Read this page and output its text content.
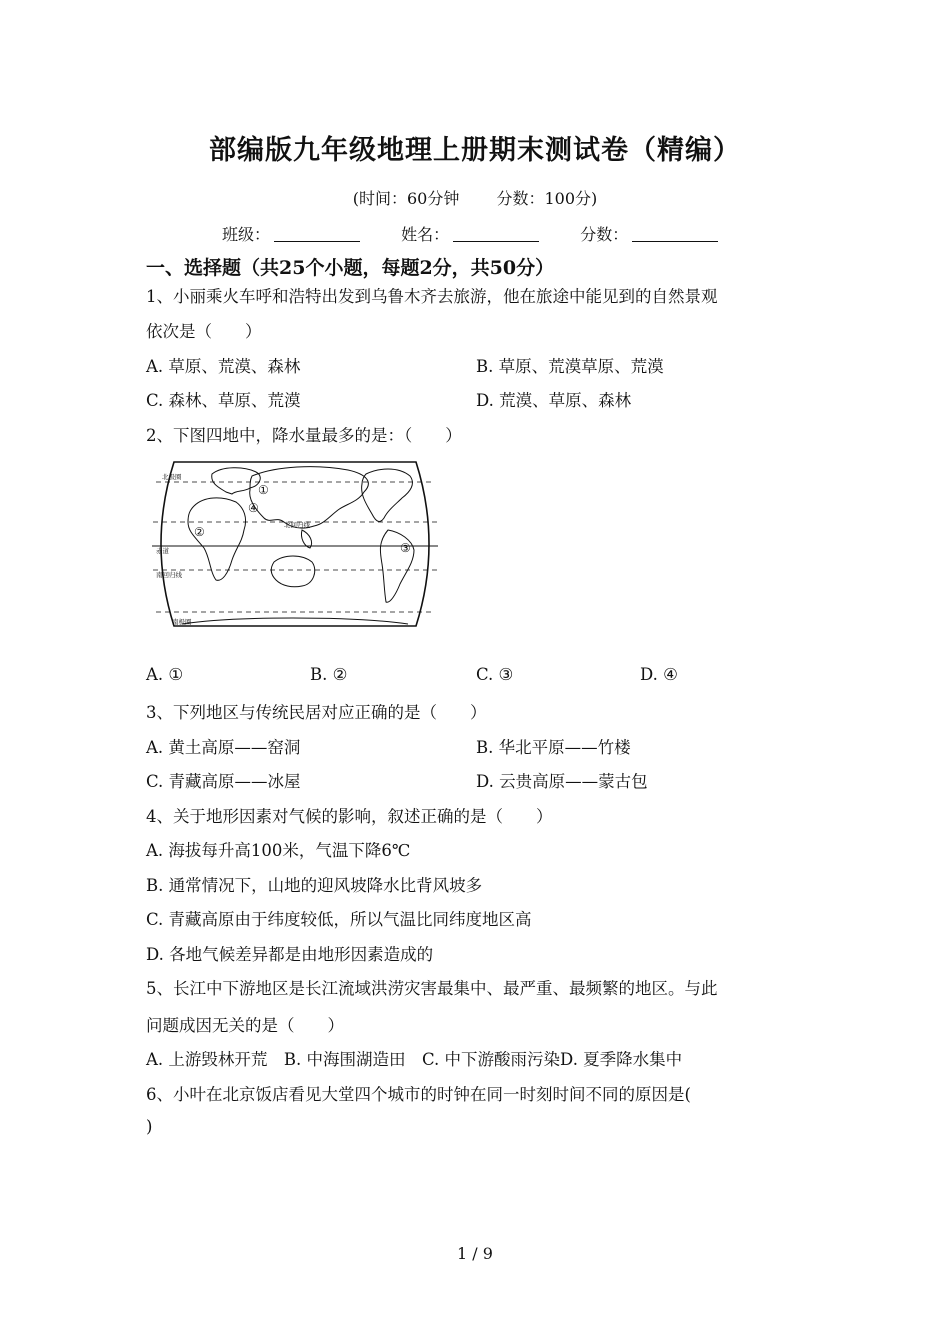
部编版九年级地理上册期末测试卷（精编）
(时间：60分钟 分数：100分)
班级：	姓名：	分数：
一、选择题（共25个小题，每题2分，共50分）
1、小丽乘火车呼和浩特出发到乌鲁木齐去旅游，他在旅途中能见到的自然景观
依次是（　　）
A. 草原、荒漠、森林	B. 草原、荒漠草原、荒漠
C. 森林、草原、荒漠	D. 荒漠、草原、森林
2、下图四地中，降水量最多的是：（　　）
北极圈
北回归线
赤道
南回归线
南极圈
①
②
③
④
A. ①	B. ②	C. ③	D. ④
3、下列地区与传统民居对应正确的是（　　）
A. 黄土高原——窑洞	B. 华北平原——竹楼
C. 青藏高原——冰屋	D. 云贵高原——蒙古包
4、关于地形因素对气候的影响，叙述正确的是（　　）
A. 海拔每升高100米，气温下降6℃
B. 通常情况下，山地的迎风坡降水比背风坡多
C. 青藏高原由于纬度较低，所以气温比同纬度地区高
D. 各地气候差异都是由地形因素造成的
5、长江中下游地区是长江流域洪涝灾害最集中、最严重、最频繁的地区。与此
问题成因无关的是（　　）
A. 上游毁林开荒　B. 中海围湖造田　C. 中下游酸雨污染D. 夏季降水集中
6、小叶在北京饭店看见大堂四个城市的时钟在同一时刻时间不同的原因是(
)
1 / 9
